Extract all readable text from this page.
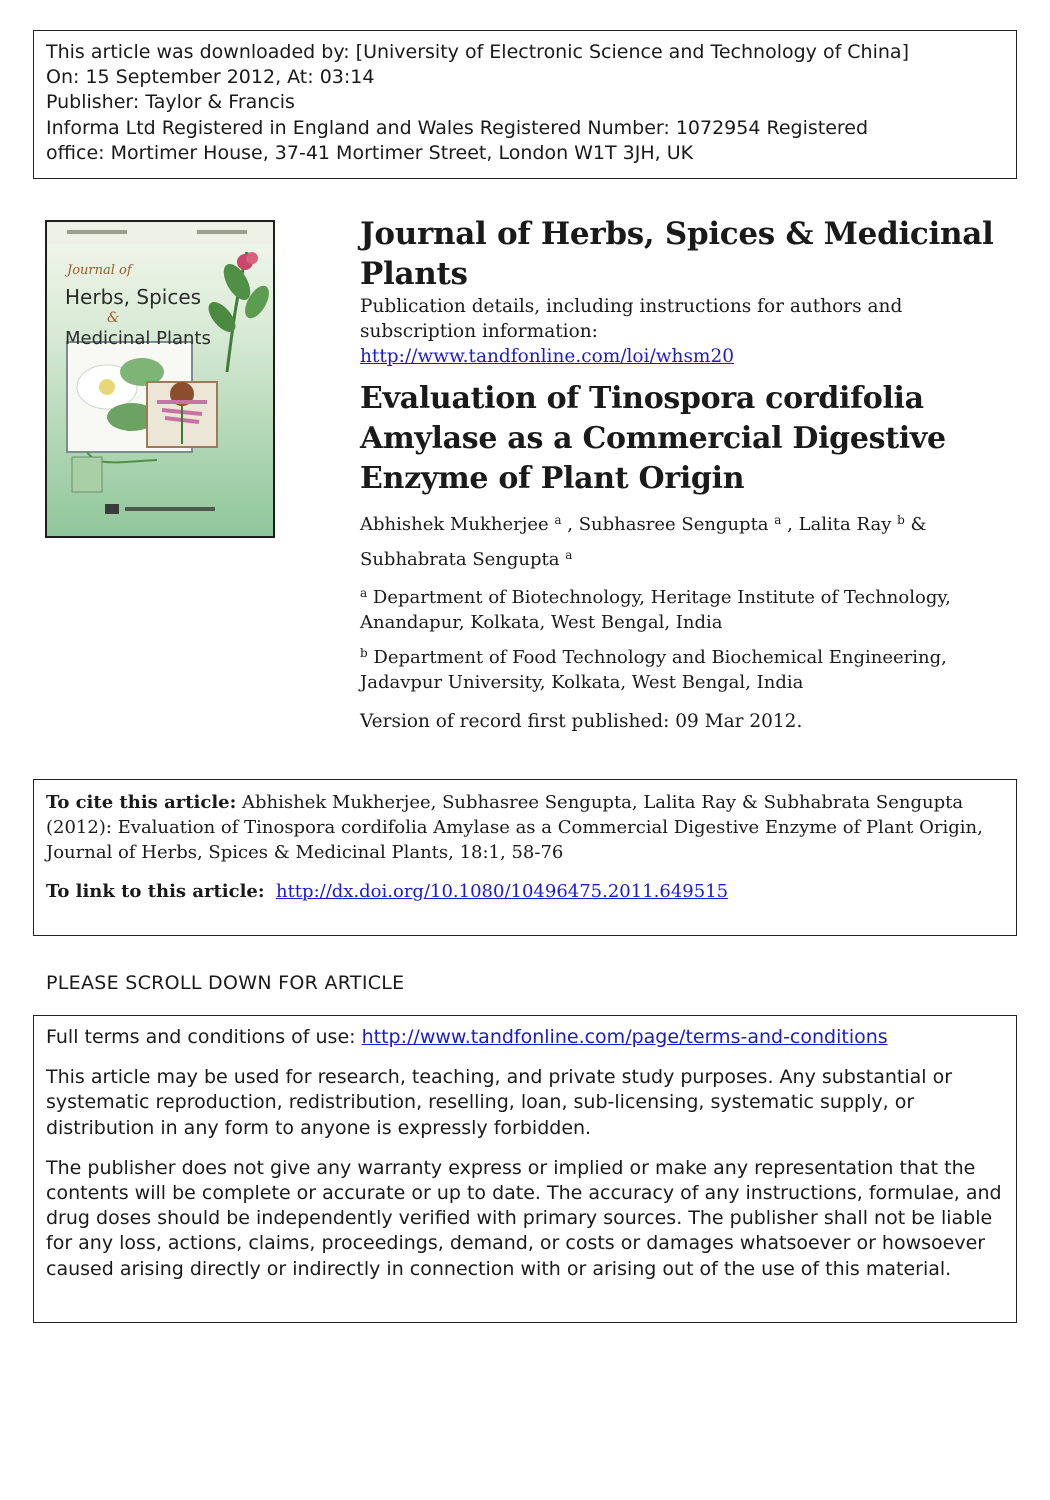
This article was downloaded by: [University of Electronic Science and Technology of China]
On: 15 September 2012, At: 03:14
Publisher: Taylor & Francis
Informa Ltd Registered in England and Wales Registered Number: 1072954 Registered
office: Mortimer House, 37-41 Mortimer Street, London W1T 3JH, UK
Journal of
Herbs, Spices
&
Medicinal Plants
Journal of Herbs, Spices & Medicinal Plants
Publication details, including instructions for authors and subscription information:
http://www.tandfonline.com/loi/whsm20
Evaluation of Tinospora cordifolia Amylase as a Commercial Digestive Enzyme of Plant Origin
Abhishek Mukherjee $^a$ , Subhasree Sengupta $^a$ , Lalita Ray $^b$ &
Subhabrata Sengupta $^a$
$^a$ Department of Biotechnology, Heritage Institute of Technology, Anandapur, Kolkata, West Bengal, India
$^b$ Department of Food Technology and Biochemical Engineering, Jadavpur University, Kolkata, West Bengal, India
Version of record first published: 09 Mar 2012.
To cite this article: Abhishek Mukherjee, Subhasree Sengupta, Lalita Ray & Subhabrata Sengupta (2012): Evaluation of Tinospora cordifolia Amylase as a Commercial Digestive Enzyme of Plant Origin, Journal of Herbs, Spices & Medicinal Plants, 18:1, 58-76
To link to this article: http://dx.doi.org/10.1080/10496475.2011.649515
PLEASE SCROLL DOWN FOR ARTICLE

Full terms and conditions of use: http://www.tandfonline.com/page/terms-and-conditions

This article may be used for research, teaching, and private study purposes. Any substantial or systematic reproduction, redistribution, reselling, loan, sub-licensing, systematic supply, or distribution in any form to anyone is expressly forbidden.

The publisher does not give any warranty express or implied or make any representation that the contents will be complete or accurate or up to date. The accuracy of any instructions, formulae, and drug doses should be independently verified with primary sources. The publisher shall not be liable for any loss, actions, claims, proceedings, demand, or costs or damages whatsoever or howsoever caused arising directly or indirectly in connection with or arising out of the use of this material.
